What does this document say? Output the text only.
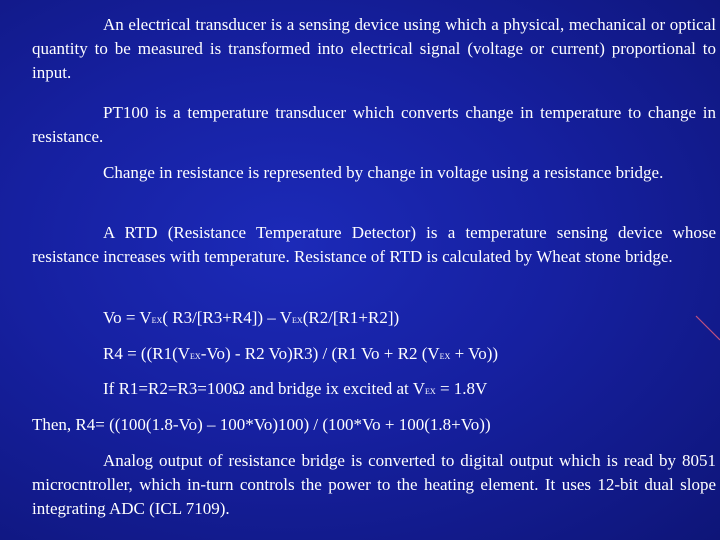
An electrical transducer is a sensing device using which a physical, mechanical or optical quantity to be measured is transformed into electrical signal (voltage or current) proportional to input.

PT100 is a temperature transducer which converts change in temperature to change in resistance.

Change in resistance is represented by change in voltage using a resistance bridge.

A RTD (Resistance Temperature Detector) is a temperature sensing device whose resistance increases with temperature. Resistance of RTD is calculated by Wheat stone bridge.

Vo = VEX( R3/[R3+R4]) – VEX(R2/[R1+R2])
R4 = ((R1(VEX-Vo) - R2 Vo)R3) / (R1 Vo + R2 (VEX + Vo))
If R1=R2=R3=100Ω and bridge ix excited at VEX = 1.8V
Then, R4= ((100(1.8-Vo) – 100*Vo)100) / (100*Vo + 100(1.8+Vo))

Analog output of resistance bridge is converted to digital output which is read by 8051 microcntroller, which in-turn controls the power to the heating element. It uses 12-bit dual slope integrating ADC (ICL 7109).
